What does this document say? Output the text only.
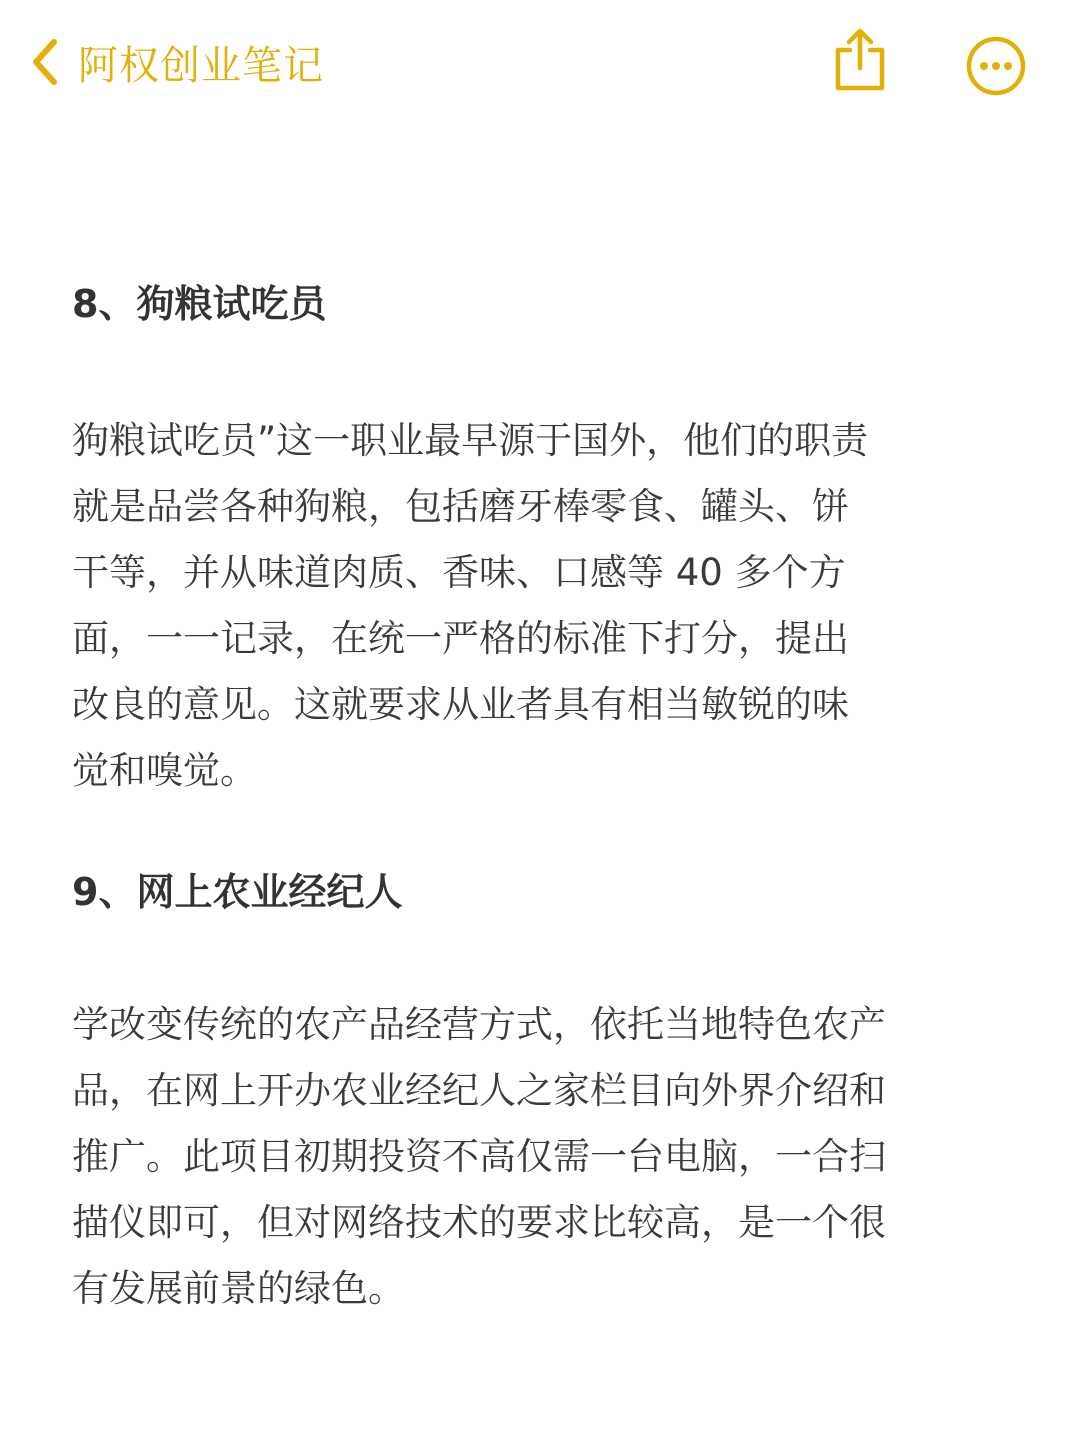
阿权创业笔记

8、狗粮试吃员

狗粮试吃员”这一职业最早源于国外，他们的职责
就是品尝各种狗粮，包括磨牙棒零食、罐头、饼
干等，并从味道肉质、香味、口感等 40 多个方
面，一一记录，在统一严格的标准下打分，提出
改良的意见。这就要求从业者具有相当敏锐的味
觉和嗅觉。

9、网上农业经纪人

学改变传统的农产品经营方式，依托当地特色农产
品，在网上开办农业经纪人之家栏目向外界介绍和
推广。此项目初期投资不高仅需一台电脑，一合扫
描仪即可，但对网络技术的要求比较高，是一个很
有发展前景的绿色。
